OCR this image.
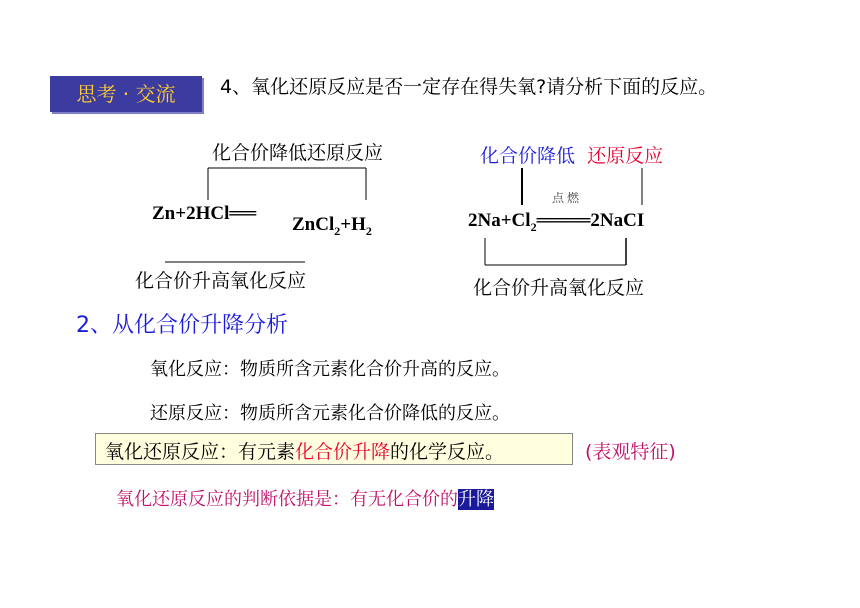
思考 · 交流	4、氧化还原反应是否一定存在得失氧?请分析下面的反应。
化合价降低还原反应
Zn+2HCl══
$ZnCl_2+H_2$
化合价升高氧化反应
化合价降低 还原反应
点燃
$2Na+Cl_2════2NaCI$
化合价升高氧化反应
2、从化合价升降分析
氧化反应：物质所含元素化合价升高的反应。
还原反应：物质所含元素化合价降低的反应。
氧化还原反应：有元素化合价升降的化学反应。	(表观特征)
氧化还原反应的判断依据是：有无化合价的升降
